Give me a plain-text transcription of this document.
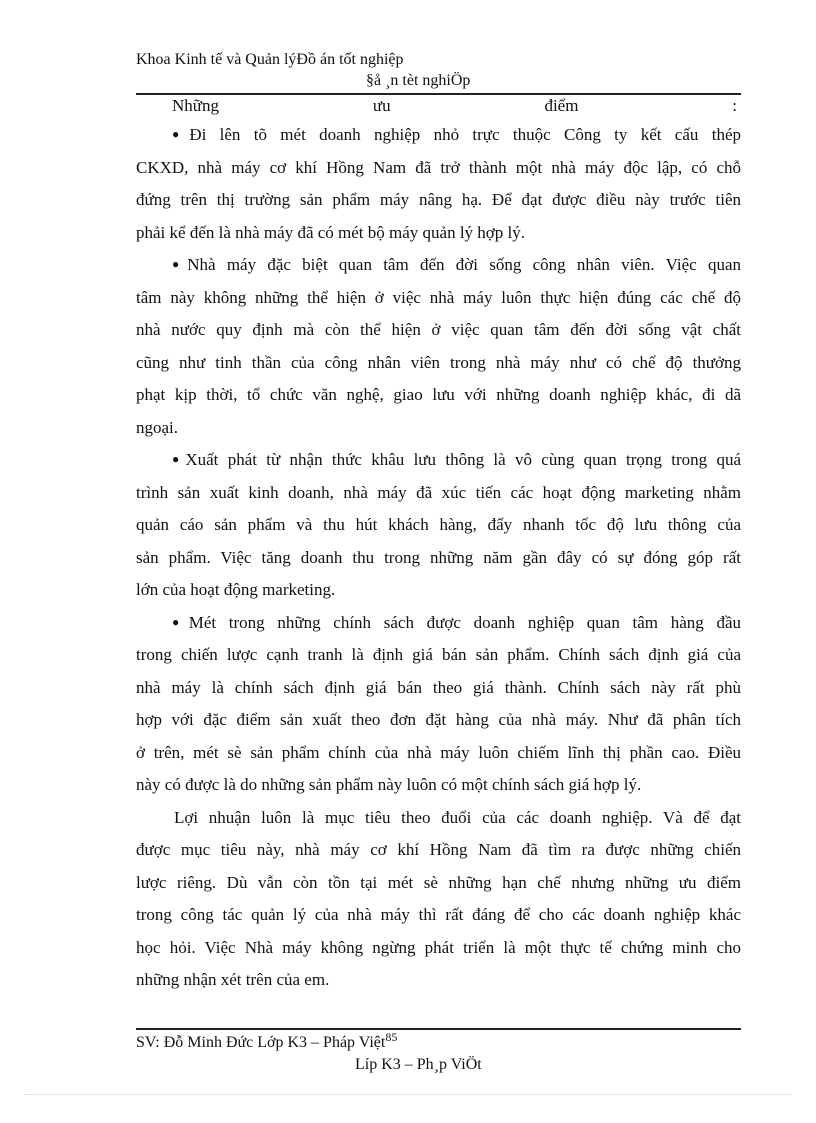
Khoa Kinh tế và Quản lýĐồ án tốt nghiệp
§å ¸n tèt nghiÖp
Những	ưu	điểm	:
●Đi lên tõ mét doanh nghiệp nhỏ trực thuộc Công ty kết cấu thép
CKXD, nhà máy cơ khí Hồng Nam đã trở thành một nhà máy độc lập, có chỗ
đứng trên thị trường sản phẩm máy nâng hạ. Để đạt được điều này trước tiên
phải kể đến là nhà máy đã có mét bộ máy quản lý hợp lý.
●Nhà máy đặc biệt quan tâm đến đời sống công nhân viên. Việc quan
tâm này không những thể hiện ở việc nhà máy luôn thực hiện đúng các chế độ
nhà nước quy định mà còn thể hiện ở việc quan tâm đến đời sống vật chất
cũng như tinh thần của công nhân viên trong nhà máy như có chế độ thưởng
phạt kịp thời, tổ chức văn nghệ, giao lưu với những doanh nghiệp khác, đi dã
ngoại.
●Xuất phát từ nhận thức khâu lưu thông là vô cùng quan trọng trong quá
trình sản xuất kinh doanh, nhà máy đã xúc tiến các hoạt động marketing nhằm
quản cáo sản phẩm và thu hút khách hàng, đẩy nhanh tốc độ lưu thông của
sản phẩm. Việc tăng doanh thu trong những năm gần đây có sự đóng góp rất
lớn của hoạt động marketing.
●Mét trong những chính sách được doanh nghiệp quan tâm hàng đầu
trong chiến lược cạnh tranh là định giá bán sản phẩm. Chính sách định giá của
nhà máy là chính sách định giá bán theo giá thành. Chính sách này rất phù
hợp với đặc điểm sản xuất theo đơn đặt hàng của nhà máy. Như đã phân tích
ở trên, mét sè sản phẩm chính của nhà máy luôn chiếm lĩnh thị phần cao. Điều
này có được là do những sản phẩm này luôn có một chính sách giá hợp lý.
Lợi nhuận luôn là mục tiêu theo đuổi của các doanh nghiệp. Và để đạt
được mục tiêu này, nhà máy cơ khí Hồng Nam đã tìm ra được những chiến
lược riêng. Dù vẫn còn tồn tại mét sè những hạn chế nhưng những ưu điểm
trong công tác quản lý của nhà máy thì rất đáng để cho các doanh nghiệp khác
học hỏi. Việc Nhà máy không ngừng phát triển là một thực tế chứng minh cho
những nhận xét trên của em.
SV: Đỗ Minh Đức Lớp K3 – Pháp Việt$^{85}$
Líp K3 – Ph¸p ViÖt
